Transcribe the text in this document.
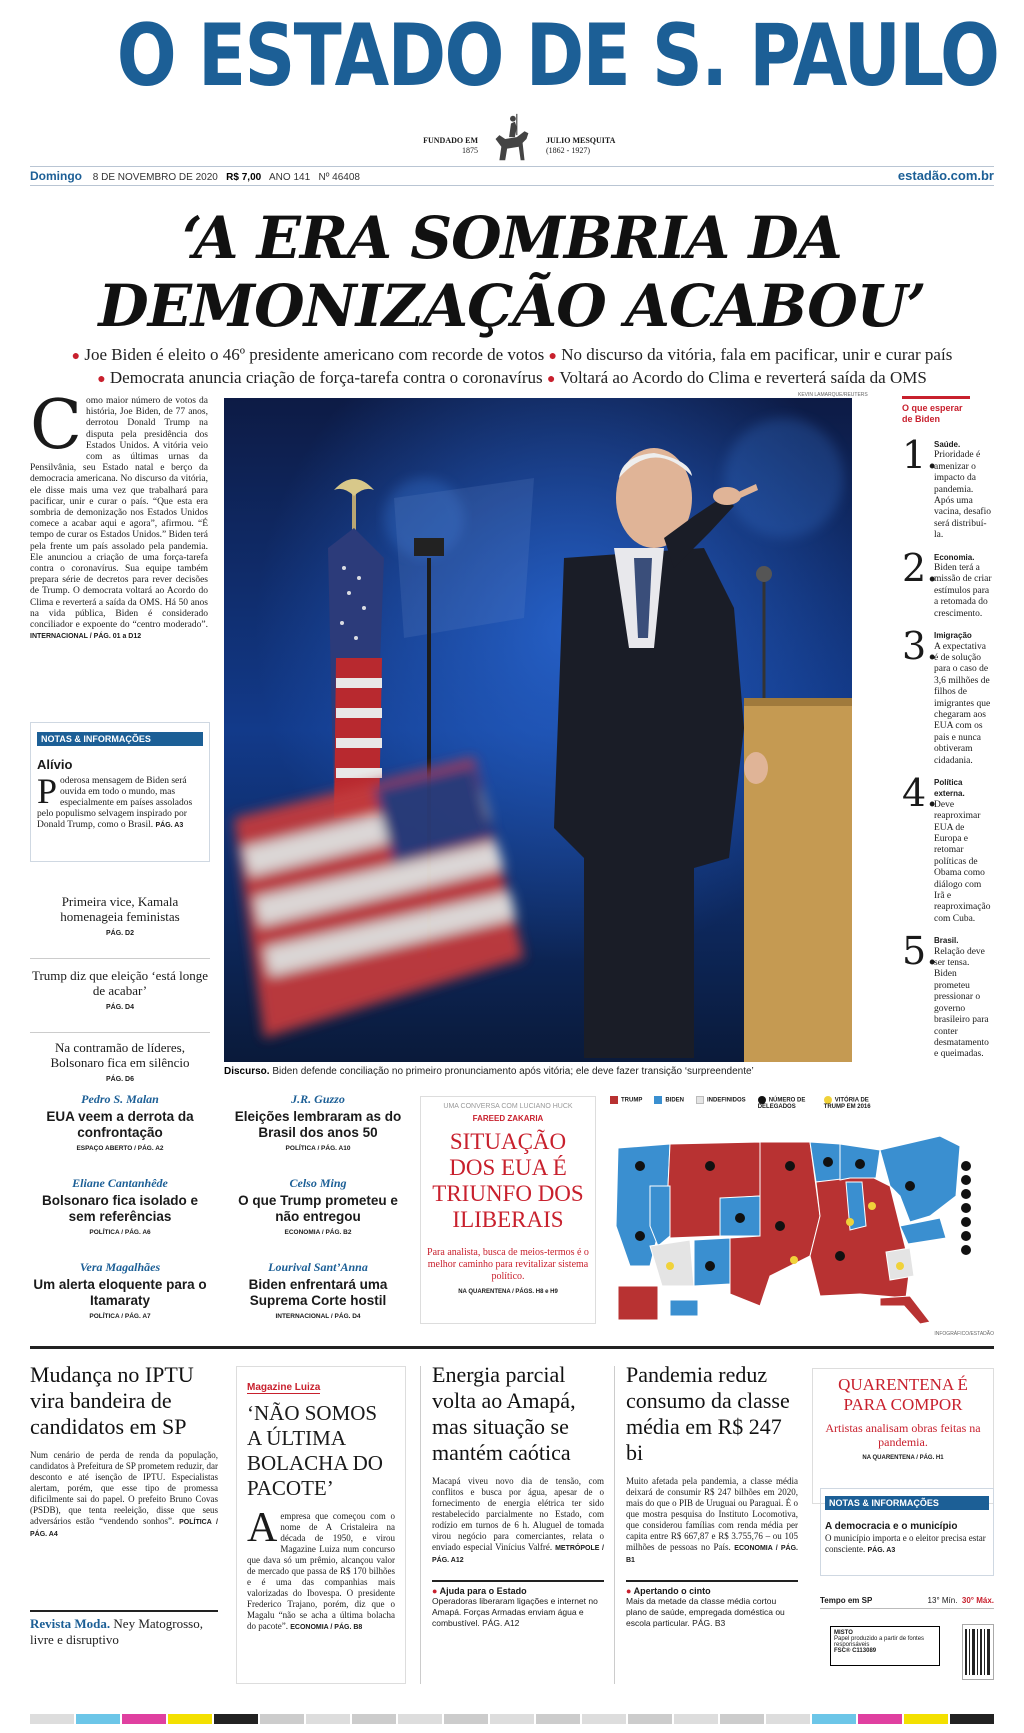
O ESTADO DE S. PAULO
FUNDADO EM
1875
JULIO MESQUITA
(1862 - 1927)
Domingo 8 DE NOVEMBRO DE 2020 R$ 7,00 ANO 141 Nº 46408	estadão.com.br
‘A ERA SOMBRIA DA
DEMONIZAÇÃO ACABOU’
● Joe Biden é eleito o 46º presidente americano com recorde de votos ● No discurso da vitória, fala em pacificar, unir e curar país
● Democrata anuncia criação de força-tarefa contra o coronavírus ● Voltará ao Acordo do Clima e reverterá saída da OMS
C omo maior número de votos da história, Joe Biden, de 77 anos, derrotou Donald Trump na disputa pela presidência dos Estados Unidos. A vitória veio com as últimas urnas da Pensilvânia, seu Estado natal e berço da democracia americana. No discurso da vitória, ele disse mais uma vez que trabalhará para pacificar, unir e curar o país. “Que esta era sombria de demonização nos Estados Unidos comece a acabar aqui e agora”, afirmou. “É tempo de curar os Estados Unidos.” Biden terá pela frente um país assolado pela pandemia. Ele anunciou a criação de uma força-tarefa contra o coronavírus. Sua equipe também prepara série de decretos para rever decisões de Trump. O democrata voltará ao Acordo do Clima e reverterá a saída da OMS. Há 50 anos na vida pública, Biden é considerado conciliador e expoente do “centro moderado”. INTERNACIONAL / PÁG. 01 a D12
NOTAS & INFORMAÇÕES
Alívio
P oderosa mensagem de Biden será ouvida em todo o mundo, mas especialmente em países assolados pelo populismo selvagem inspirado por Donald Trump, como o Brasil. PÁG. A3
Primeira vice, Kamala homenageia feministas
PÁG. D2
Trump diz que eleição ‘está longe de acabar’
PÁG. D4
Na contramão de líderes, Bolsonaro fica em silêncio
PÁG. D6
KEVIN LAMARQUE/REUTERS
Discurso. Biden defende conciliação no primeiro pronunciamento após vitória; ele deve fazer transição ‘surpreendente’
O que esperar de Biden
1.
Saúde.
Prioridade é amenizar o impacto da pandemia. Após uma vacina, desafio será distribuí-la.
2.
Economia.
Biden terá a missão de criar estímulos para a retomada do crescimento.
3.
Imigração
A expectativa é de solução para o caso de 3,6 milhões de filhos de imigrantes que chegaram aos EUA com os pais e nunca obtiveram cidadania.
4.
Política externa.
Deve reaproximar EUA de Europa e retomar políticas de Obama como diálogo com Irã e reaproximação com Cuba.
5.
Brasil.
Relação deve ser tensa. Biden prometeu pressionar o governo brasileiro para conter desmatamento e queimadas.
Pedro S. Malan
EUA veem a derrota da confrontação
ESPAÇO ABERTO / PÁG. A2
J.R. Guzzo
Eleições lembraram as do Brasil dos anos 50
POLÍTICA / PÁG. A10
Eliane Cantanhêde
Bolsonaro fica isolado e sem referências
POLÍTICA / PÁG. A6
Celso Ming
O que Trump prometeu e não entregou
ECONOMIA / PÁG. B2
Vera Magalhães
Um alerta eloquente para o Itamaraty
POLÍTICA / PÁG. A7
Lourival Sant’Anna
Biden enfrentará uma Suprema Corte hostil
INTERNACIONAL / PÁG. D4
UMA CONVERSA COM LUCIANO HUCK
FAREED ZAKARIA
SITUAÇÃO DOS EUA É TRIUNFO DOS ILIBERAIS
Para analista, busca de meios-termos é o melhor caminho para revitalizar sistema político.
NA QUARENTENA / PÁGS. H8 e H9
TRUMP	BIDEN	INDEFINIDOS	NÚMERO DE DELEGADOS
VITÓRIA DE TRUMP EM 2016
INFOGRÁFICO/ESTADÃO
Mudança no IPTU vira bandeira de candidatos em SP
Num cenário de perda de renda da população, candidatos à Prefeitura de SP prometem reduzir, dar desconto e até isenção de IPTU. Especialistas alertam, porém, que esse tipo de promessa dificilmente sai do papel. O prefeito Bruno Covas (PSDB), que tenta reeleição, disse que seus adversários estão “vendendo sonhos”. POLÍTICA / PÁG. A4
Revista Moda. Ney Matogrosso, livre e disruptivo
Magazine Luiza
‘NÃO SOMOS A ÚLTIMA BOLACHA DO PACOTE’
A empresa que começou com o nome de A Cristaleira na década de 1950, e virou Magazine Luiza num concurso que dava só um prêmio, alcançou valor de mercado que passa de R$ 170 bilhões e é uma das companhias mais valorizadas do Ibovespa. O presidente Frederico Trajano, porém, diz que o Magalu “não se acha a última bolacha do pacote”. ECONOMIA / PÁG. B8
Energia parcial volta ao Amapá, mas situação se mantém caótica
Macapá viveu novo dia de tensão, com conflitos e busca por água, apesar de o fornecimento de energia elétrica ter sido restabelecido parcialmente no Estado, com rodízio em turnos de 6 h. Aluguel de tomada virou negócio para comerciantes, relata o enviado especial Vinícius Valfré. METRÓPOLE / PÁG. A12
● Ajuda para o Estado
Operadoras liberaram ligações e internet no Amapá. Forças Armadas enviam água e combustível. PÁG. A12
Pandemia reduz consumo da classe média em R$ 247 bi
Muito afetada pela pandemia, a classe média deixará de consumir R$ 247 bilhões em 2020, mais do que o PIB de Uruguai ou Paraguai. É o que mostra pesquisa do Instituto Locomotiva, que considerou famílias com renda média per capita entre R$ 667,87 e R$ 3.755,76 – ou 105 milhões de pessoas no País. ECONOMIA / PÁG. B1
● Apertando o cinto
Mais da metade da classe média cortou plano de saúde, empregada doméstica ou escola particular. PÁG. B3
QUARENTENA É PARA COMPOR
Artistas analisam obras feitas na pandemia.
NA QUARENTENA / PÁG. H1
NOTAS & INFORMAÇÕES
A democracia e o município
O município importa e o eleitor precisa estar consciente. PÁG. A3
Tempo em SP	13° Mín. 30° Máx.
MISTO
Papel produzido a partir de fontes responsáveis
FSC® C113089
